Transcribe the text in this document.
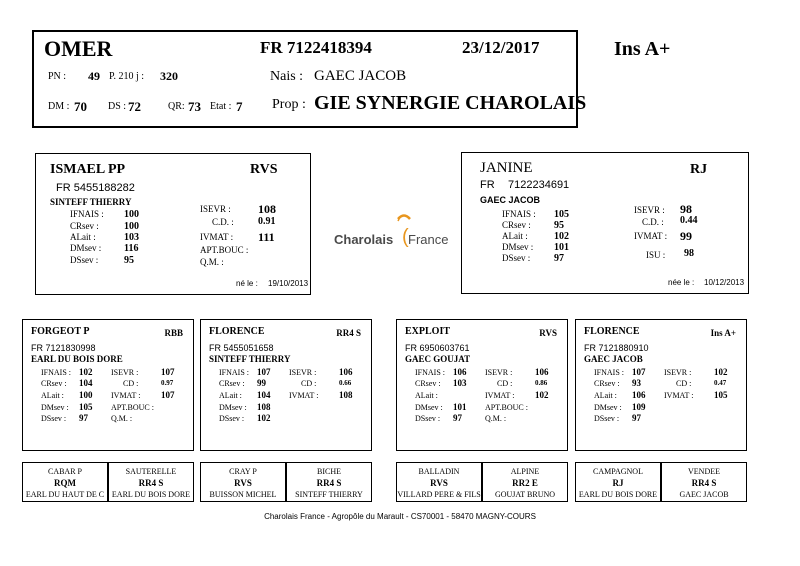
OMER	FR 7122418394	23/12/2017	Ins A+
PN : 49 P. 210 j : 320	Nais : GAEC JACOB
DM : 70 DS : 72	QR: 73 Etat : 7 Prop : GIE SYNERGIE CHAROLAIS
ISMAEL PP	RVS
FR 5455188282
SINTEFF THIERRY
IFNAIS : 100
CRsev :	100
ALait :	103
DMsev : 116
DSsev :	95
ISEVR : 108
C.D. : 0.91
IVMAT : 111
APT.BOUC :
Q.M. :
né le : 19/10/2013
Charolais ( France
JANINE	RJ
FR 7122234691
GAEC JACOB
IFNAIS : 105
CRsev : 95
ALait :	102
DMsev : 101
DSsev : 97
ISEVR : 98
C.D. : 0.44
IVMAT : 99
ISU : 98
née le : 10/12/2013
FORGEOT P	RBB
FR 7121830998
EARL DU BOIS DORE
IFNAIS : 102
CRsev : 104
ALait : 100
DMsev : 105
DSsev : 97
ISEVR :	107
CD :	0.97
IVMAT : 107
APT.BOUC :
Q.M. :
FLORENCE	RR4 S
FR 5455051658
SINTEFF THIERRY
IFNAIS : 107
CRsev : 99
ALait : 104
DMsev : 108
DSsev : 102
ISEVR :	106
CD :	0.66
IVMAT : 108
EXPLOIT	RVS
FR 6950603761
GAEC GOUJAT
IFNAIS : 106
CRsev : 103
ALait :
DMsev : 101
DSsev : 97
ISEVR :	106
CD :	0.86
IVMAT : 102
APT.BOUC :
Q.M. :
FLORENCE	Ins A+
FR 7121880910
GAEC JACOB
IFNAIS : 107
CRsev : 93
ALait : 106
DMsev : 109
DSsev : 97
ISEVR :	102
CD :	0.47
IVMAT : 105
CABAR P
RQM
EARL DU HAUT DE C
SAUTERELLE
RR4 S
EARL DU BOIS DORE
CRAY P
RVS
BUISSON MICHEL
BICHE
RR4 S
SINTEFF THIERRY
BALLADIN
RVS
VILLARD PERE & FILS
ALPINE
RR2 E
GOUJAT BRUNO
CAMPAGNOL
RJ
EARL DU BOIS DORE
VENDEE
RR4 S
GAEC JACOB
Charolais France - Agropôle du Marault - CS70001 - 58470 MAGNY-COURS
